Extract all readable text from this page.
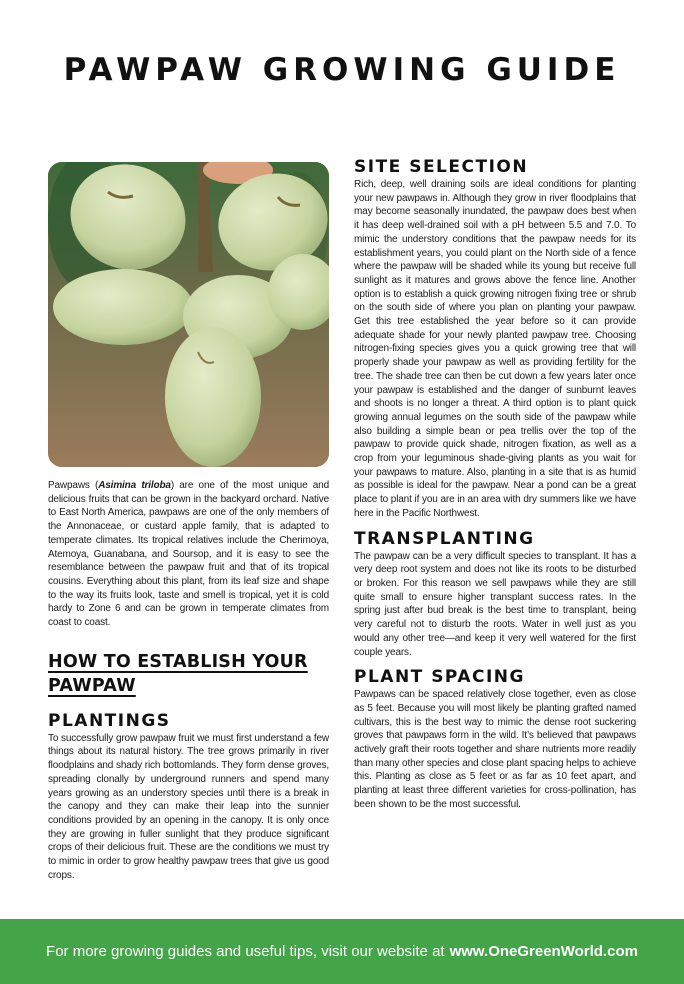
PAWPAW GROWING GUIDE

Pawpaws (Asimina triloba) are one of the most unique and delicious fruits that can be grown in the backyard orchard. Native to East North America, pawpaws are one of the only members of the Annonaceae, or custard apple family, that is adapted to temperate climates. Its tropical relatives include the Cherimoya, Atemoya, Guanabana, and Soursop, and it is easy to see the resemblance between the pawpaw fruit and that of its tropical cousins. Everything about this plant, from its leaf size and shape to the way its fruits look, taste and smell is tropical, yet it is cold hardy to Zone 6 and can be grown in temperate climates from coast to coast.

HOW TO ESTABLISH YOUR PAWPAW
PLANTINGS

To successfully grow pawpaw fruit we must first understand a few things about its natural history. The tree grows primarily in river floodplains and shady rich bottomlands. They form dense groves, spreading clonally by underground runners and spend many years growing as an understory species until there is a break in the canopy and they can make their leap into the sunnier conditions provided by an opening in the canopy. It is only once they are growing in fuller sunlight that they produce significant crops of their delicious fruit. These are the conditions we must try to mimic in order to grow healthy pawpaw trees that give us good crops.

SITE SELECTION

Rich, deep, well draining soils are ideal conditions for planting your new pawpaws in. Although they grow in river floodplains that may become seasonally inundated, the pawpaw does best when it has deep well-drained soil with a pH between 5.5 and 7.0. To mimic the understory conditions that the pawpaw needs for its establishment years, you could plant on the North side of a fence where the pawpaw will be shaded while its young but receive full sunlight as it matures and grows above the fence line. Another option is to establish a quick growing nitrogen fixing tree or shrub on the south side of where you plan on planting your pawpaw. Get this tree established the year before so it can provide adequate shade for your newly planted pawpaw tree. Choosing nitrogen-fixing species gives you a quick growing tree that will properly shade your pawpaw as well as providing fertility for the tree. The shade tree can then be cut down a few years later once your pawpaw is established and the danger of sunburnt leaves and shoots is no longer a threat. A third option is to plant quick growing annual legumes on the south side of the pawpaw while also building a simple bean or pea trellis over the top of the pawpaw to provide quick shade, nitrogen fixation, as well as a crop from your leguminous shade-giving plants as you wait for your pawpaws to mature. Also, planting in a site that is as humid as possible is ideal for the pawpaw. Near a pond can be a great place to plant if you are in an area with dry summers like we have here in the Pacific Northwest.

TRANSPLANTING

The pawpaw can be a very difficult species to transplant. It has a very deep root system and does not like its roots to be disturbed or broken. For this reason we sell pawpaws while they are still quite small to ensure higher transplant success rates. In the spring just after bud break is the best time to transplant, being very careful not to disturb the roots. Water in well just as you would any other tree—and keep it very well watered for the first couple years.

PLANT SPACING

Pawpaws can be spaced relatively close together, even as close as 5 feet. Because you will most likely be planting grafted named cultivars, this is the best way to mimic the dense root suckering groves that pawpaws form in the wild. It’s believed that pawpaws actively graft their roots together and share nutrients more readily than many other species and close plant spacing helps to achieve this. Planting as close as 5 feet or as far as 10 feet apart, and planting at least three different varieties for cross-pollination, has been shown to be the most successful.

For more growing guides and useful tips, visit our website at www.OneGreenWorld.com
